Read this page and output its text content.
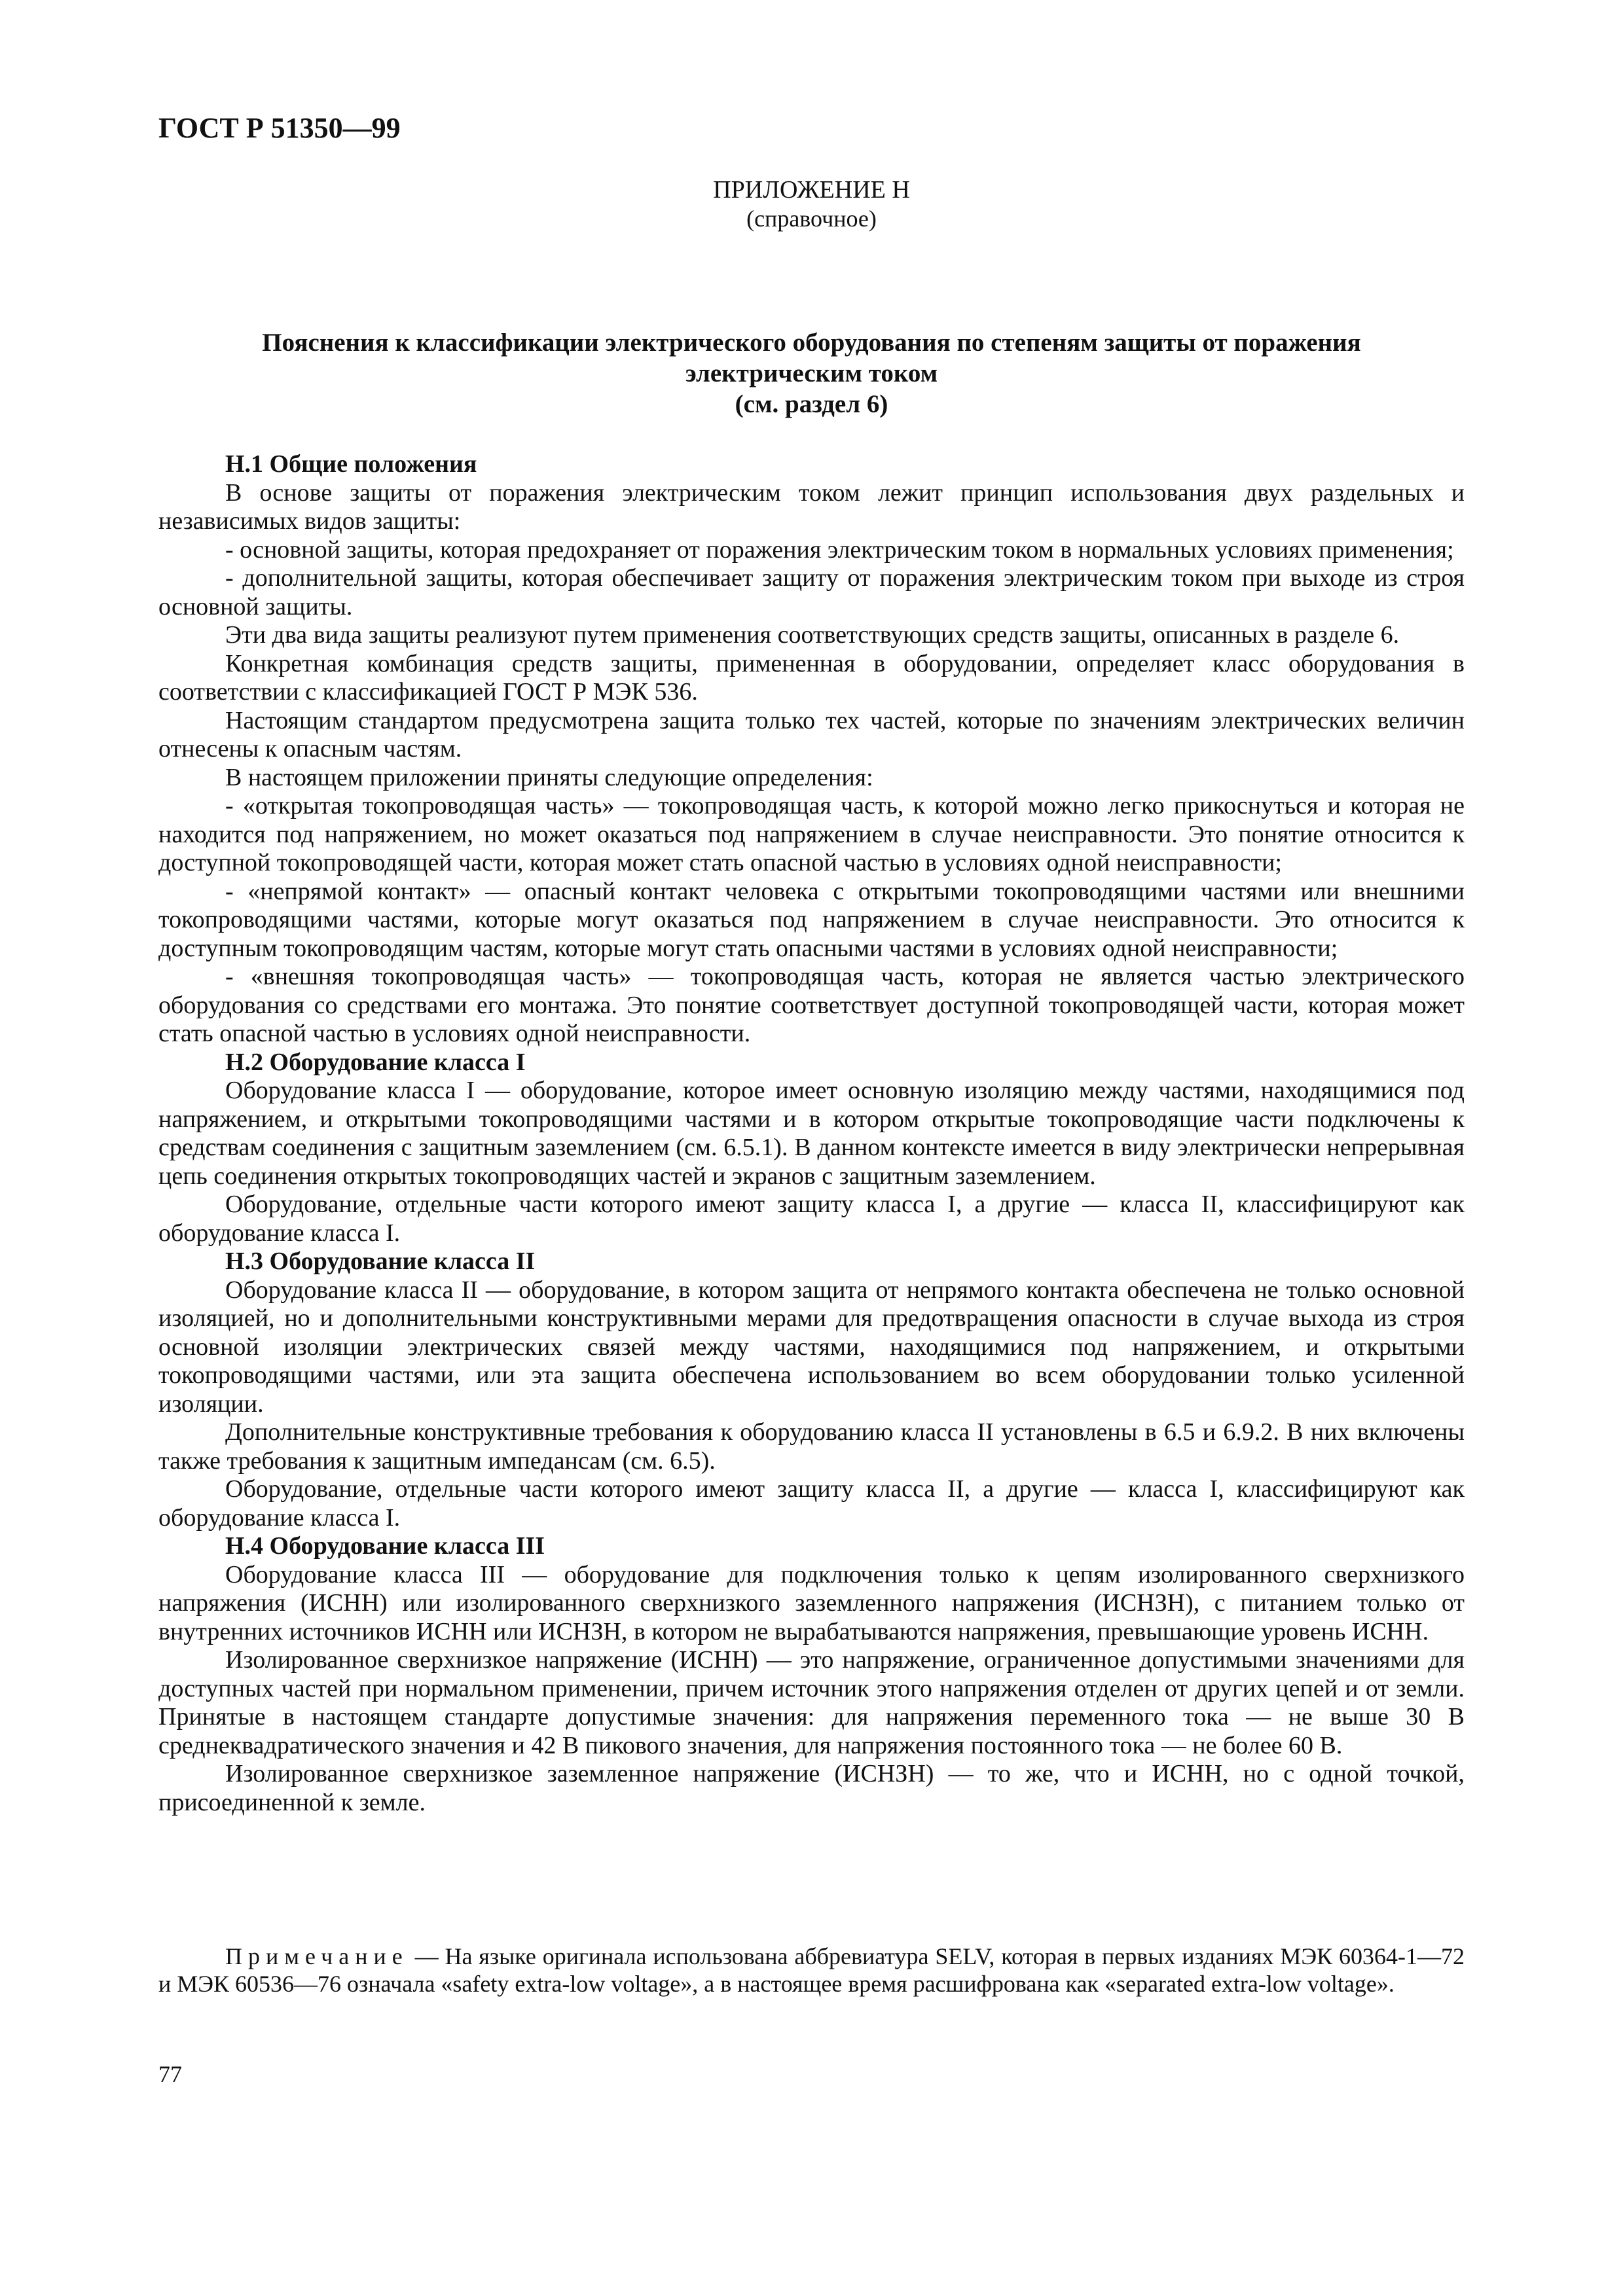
ГОСТ Р 51350—99
ПРИЛОЖЕНИЕ Н
(справочное)
Пояснения к классификации электрического оборудования по степеням защиты от поражения
электрическим током
(см. раздел 6)
Н.1 Общие положения

В основе защиты от поражения электрическим током лежит принцип использования двух раздельных и независимых видов защиты:

- основной защиты, которая предохраняет от поражения электрическим током в нормальных условиях применения;

- дополнительной защиты, которая обеспечивает защиту от поражения электрическим током при выходе из строя основной защиты.

Эти два вида защиты реализуют путем применения соответствующих средств защиты, описанных в разделе 6.

Конкретная комбинация средств защиты, примененная в оборудовании, определяет класс оборудования в соответствии с классификацией ГОСТ Р МЭК 536.

Настоящим стандартом предусмотрена защита только тех частей, которые по значениям электрических величин отнесены к опасным частям.

В настоящем приложении приняты следующие определения:

- «открытая токопроводящая часть» — токопроводящая часть, к которой можно легко прикоснуться и которая не находится под напряжением, но может оказаться под напряжением в случае неисправности. Это понятие относится к доступной токопроводящей части, которая может стать опасной частью в условиях одной неисправности;

- «непрямой контакт» — опасный контакт человека с открытыми токопроводящими частями или внешними токопроводящими частями, которые могут оказаться под напряжением в случае неисправности. Это относится к доступным токопроводящим частям, которые могут стать опасными частями в условиях одной неисправности;

- «внешняя токопроводящая часть» — токопроводящая часть, которая не является частью электрического оборудования со средствами его монтажа. Это понятие соответствует доступной токопроводящей части, которая может стать опасной частью в условиях одной неисправности.

Н.2 Оборудование класса I

Оборудование класса I — оборудование, которое имеет основную изоляцию между частями, находящимися под напряжением, и открытыми токопроводящими частями и в котором открытые токопроводящие части подключены к средствам соединения с защитным заземлением (см. 6.5.1). В данном контексте имеется в виду электрически непрерывная цепь соединения открытых токопроводящих частей и экранов с защитным заземлением.

Оборудование, отдельные части которого имеют защиту класса I, а другие — класса II, классифицируют как оборудование класса I.

Н.3 Оборудование класса II

Оборудование класса II — оборудование, в котором защита от непрямого контакта обеспечена не только основной изоляцией, но и дополнительными конструктивными мерами для предотвращения опасности в случае выхода из строя основной изоляции электрических связей между частями, находящимися под напряжением, и открытыми токопроводящими частями, или эта защита обеспечена использованием во всем оборудовании только усиленной изоляции.

Дополнительные конструктивные требования к оборудованию класса II установлены в 6.5 и 6.9.2. В них включены также требования к защитным импедансам (см. 6.5).

Оборудование, отдельные части которого имеют защиту класса II, а другие — класса I, классифицируют как оборудование класса I.

Н.4 Оборудование класса III

Оборудование класса III — оборудование для подключения только к цепям изолированного сверхнизкого напряжения (ИСНН) или изолированного сверхнизкого заземленного напряжения (ИСНЗН), с питанием только от внутренних источников ИСНН или ИСНЗН, в котором не вырабатываются напряжения, превышающие уровень ИСНН.

Изолированное сверхнизкое напряжение (ИСНН) — это напряжение, ограниченное допустимыми значениями для доступных частей при нормальном применении, причем источник этого напряжения отделен от других цепей и от земли. Принятые в настоящем стандарте допустимые значения: для напряжения переменного тока — не выше 30 В среднеквадратического значения и 42 В пикового значения, для напряжения постоянного тока — не более 60 В.

Изолированное сверхнизкое заземленное напряжение (ИСНЗН) — то же, что и ИСНН, но с одной точкой, присоединенной к земле.

Примечание — На языке оригинала использована аббревиатура SELV, которая в первых изданиях МЭК 60364-1—72 и МЭК 60536—76 означала «safety extra-low voltage», а в настоящее время расшифрована как «separated extra-low voltage».
77
